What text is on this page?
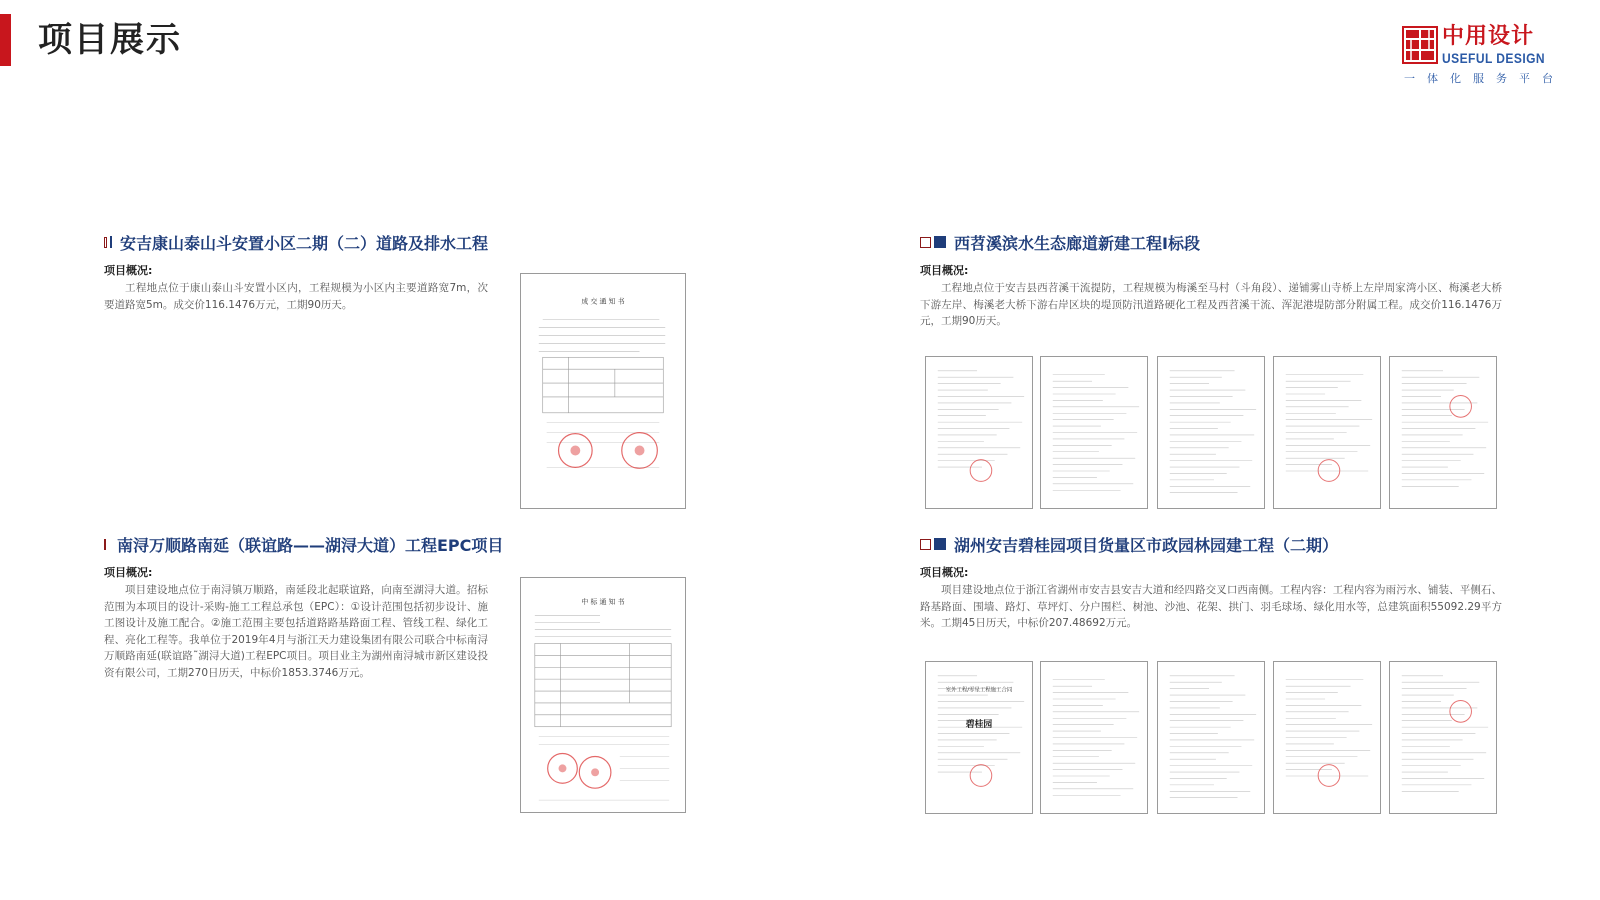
项目展示	中用设计
USEFUL DESIGN
一体化服务平台
安吉康山泰山斗安置小区二期（二）道路及排水工程
项目概况:

工程地点位于康山泰山斗安置小区内，工程规模为小区内主要道路宽7m，次要道路宽5m。成交价116.1476万元，工期90历天。	成 交 通 知 书
西苕溪滨水生态廊道新建工程I标段
项目概况:

工程地点位于安吉县西苕溪干流提防，工程规模为梅溪至马村（斗角段）、递铺雾山寺桥上左岸周家湾小区、梅溪老大桥下游左岸、梅溪老大桥下游右岸区块的堤顶防汛道路硬化工程及西苕溪干流、浑泥港堤防部分附属工程。成交价116.1476万元，工期90历天。

南浔万顺路南延（联谊路——湖浔大道）工程EPC项目
项目概况:

项目建设地点位于南浔镇万顺路，南延段北起联谊路，向南至湖浔大道。招标范围为本项目的设计-采购-施工工程总承包（EPC）：①设计范围包括初步设计、施工图设计及施工配合。②施工范围主要包括道路路基路面工程、管线工程、绿化工程、亮化工程等。我单位于2019年4月与浙江天力建设集团有限公司联合中标南浔万顺路南延(联谊路˜湖浔大道)工程EPC项目。项目业主为湖州南浔城市新区建设投资有限公司，工期270日历天，中标价1853.3746万元。

中 标 通 知 书
湖州安吉碧桂园项目货量区市政园林园建工程（二期）
项目概况:

项目建设地点位于浙江省湖州市安吉县安吉大道和经四路交叉口西南侧。工程内容：工程内容为雨污水、铺装、平侧石、路基路面、围墙、路灯、草坪灯、分户围栏、树池、沙池、花架、拱门、羽毛球场、绿化用水等，总建筑面积55092.29平方米。工期45日历天，中标价207.48692万元。

室外工程/零星工程施工合同
碧桂园
